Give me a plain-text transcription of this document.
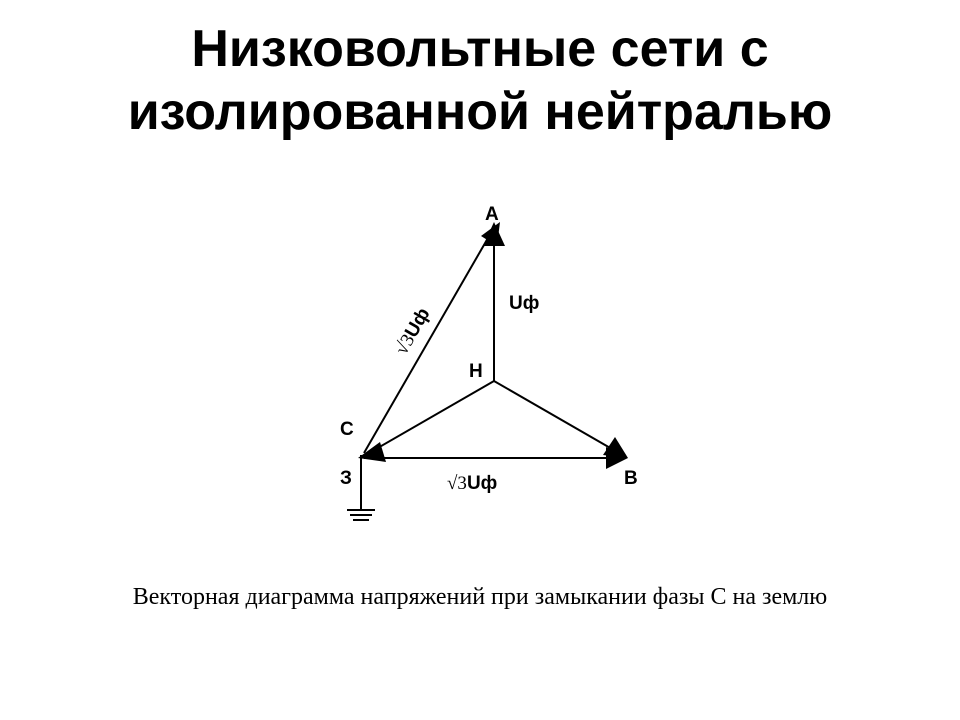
Низковольтные сети с
изолированной нейтралью
А
Н
С
В
З
Uф
√3Uф
√3Uф
Векторная диаграмма напряжений при замыкании фазы С на землю
